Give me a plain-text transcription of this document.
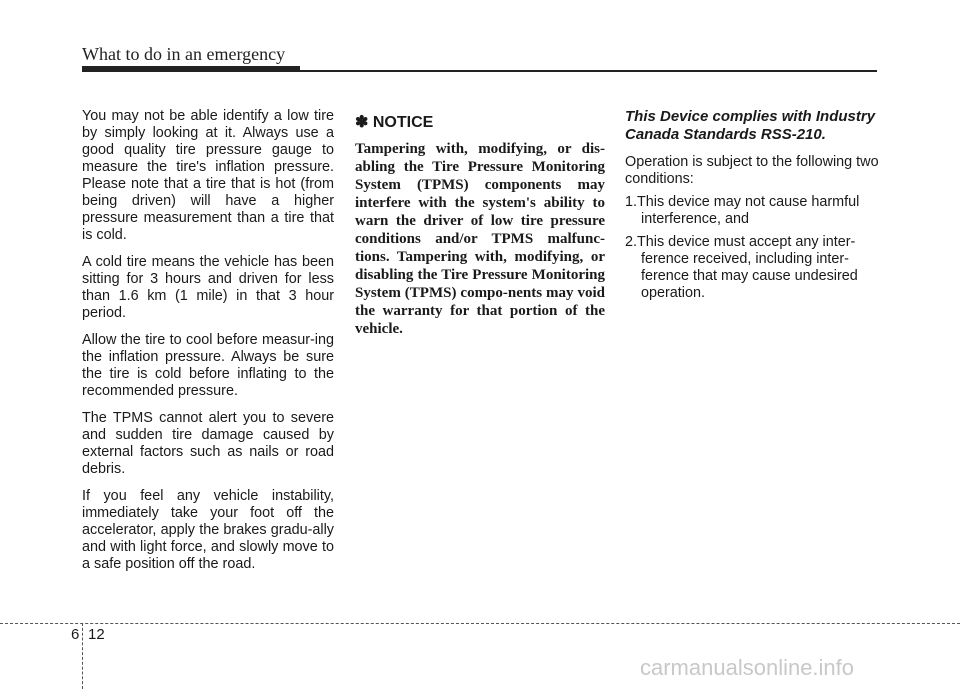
What to do in an emergency

You may not be able identify a low tire by simply looking at it. Always use a good quality tire pressure gauge to measure the tire's inflation pressure. Please note that a tire that is hot (from being driven) will have a higher pressure measurement than a tire that is cold.

A cold tire means the vehicle has been sitting for 3 hours and driven for less than 1.6 km (1 mile) in that 3 hour period.

Allow the tire to cool before measur-ing the inflation pressure. Always be sure the tire is cold before inflating to the recommended pressure.

The TPMS cannot alert you to severe and sudden tire damage caused by external factors such as nails or road debris.

If you feel any vehicle instability, immediately take your foot off the accelerator, apply the brakes gradu-ally and with light force, and slowly move to a safe position off the road.

✽ NOTICE

Tampering with, modifying, or dis-abling the Tire Pressure Monitoring System (TPMS) components may interfere with the system's ability to warn the driver of low tire pressure conditions and/or TPMS malfunc-tions. Tampering with, modifying, or disabling the Tire Pressure Monitoring System (TPMS) compo-nents may void the warranty for that portion of the vehicle.

This Device complies with Industry Canada Standards RSS-210.

Operation is subject to the following two conditions:

1.This device may not cause harmful interference, and
2.This device must accept any inter-ference received, including inter-ference that may cause undesired operation.
6 12
carmanualsonline.info
